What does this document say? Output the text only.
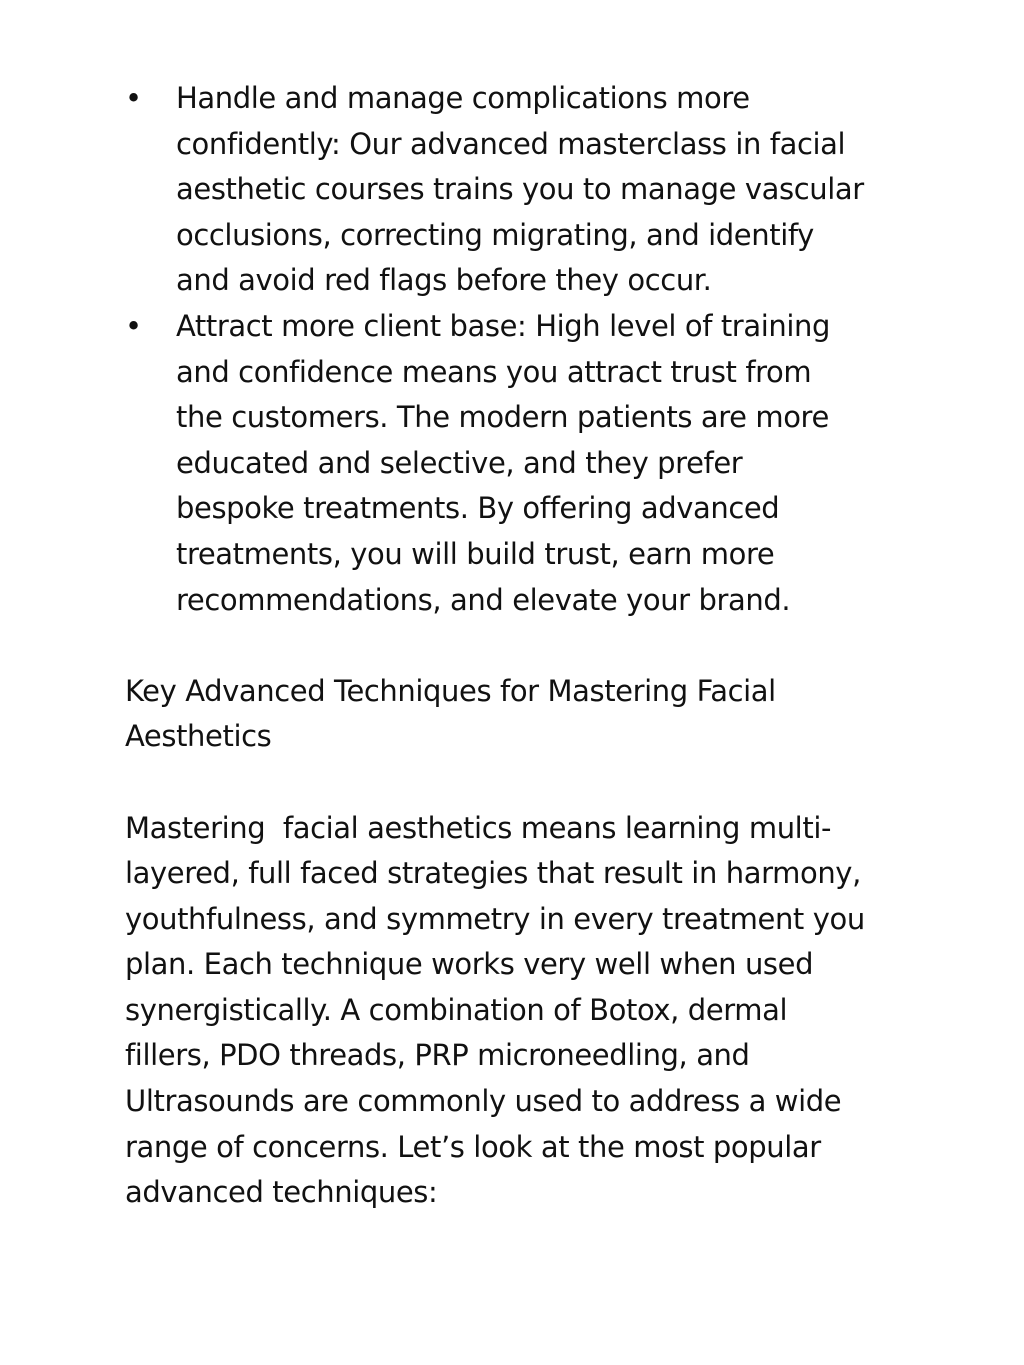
• Handle and manage complications more confidently: Our advanced masterclass in facial aesthetic courses trains you to manage vascular occlusions, correcting migrating, and identify and avoid red flags before they occur.
• Attract more client base: High level of training and confidence means you attract trust from the customers. The modern patients are more educated and selective, and they prefer bespoke treatments. By offering advanced treatments, you will build trust, earn more recommendations, and elevate your brand.
Key Advanced Techniques for Mastering Facial Aesthetics

Mastering  facial aesthetics means learning multi-layered, full faced strategies that result in harmony, youthfulness, and symmetry in every treatment you plan. Each technique works very well when used synergistically. A combination of Botox, dermal fillers, PDO threads, PRP microneedling, and Ultrasounds are commonly used to address a wide range of concerns. Let’s look at the most popular advanced techniques:
